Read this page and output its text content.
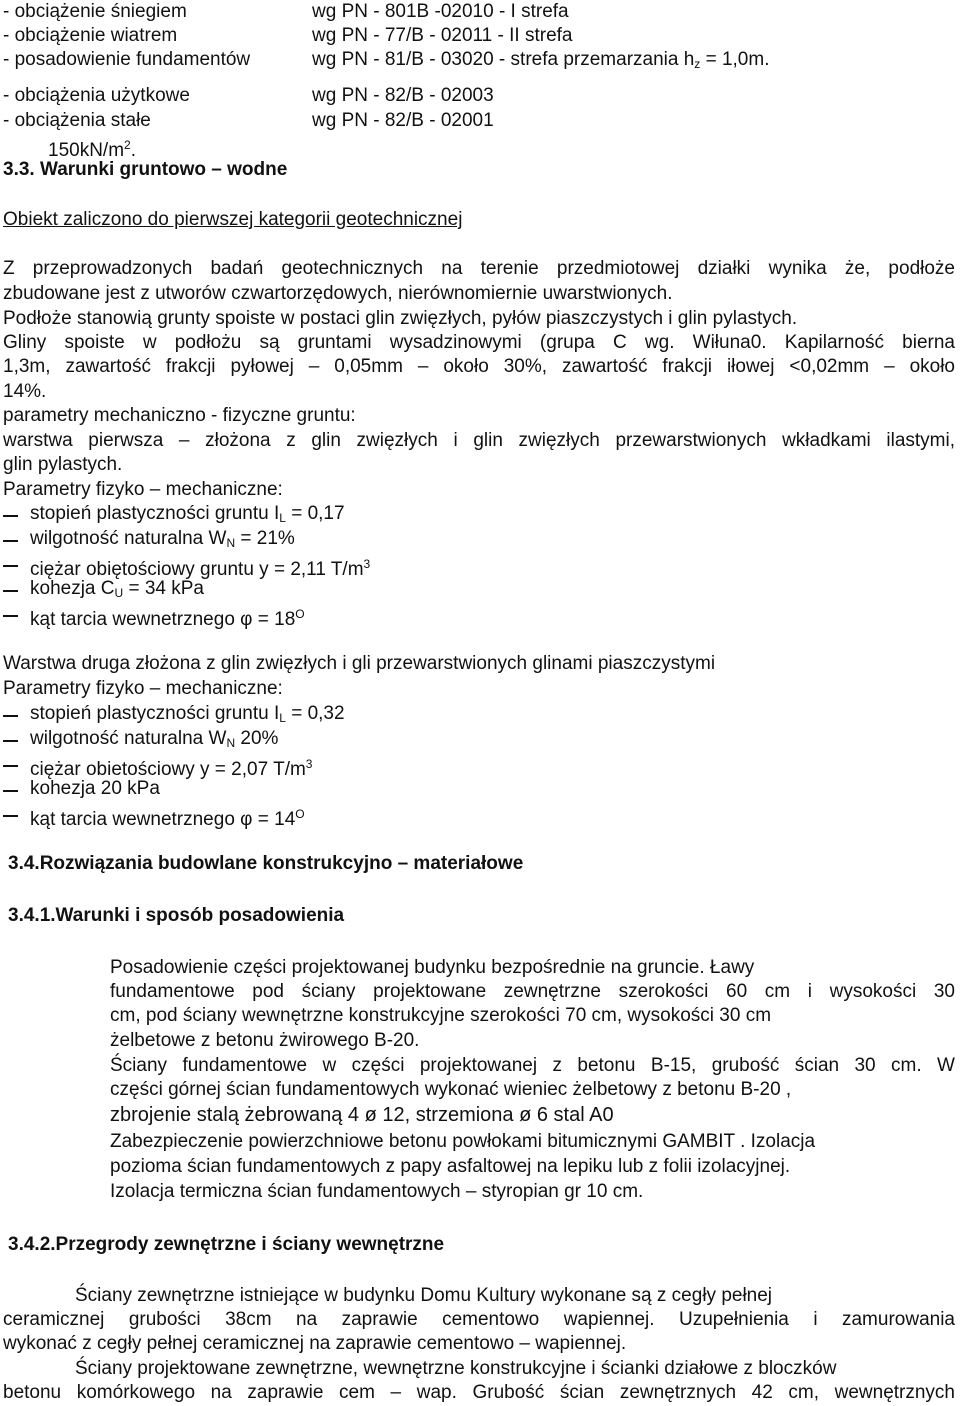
- obciążenie śniegiem	wg PN - 801B -02010 - I strefa
- obciążenie wiatrem	wg PN - 77/B - 02011 - II strefa
- posadowienie fundamentów	wg PN - 81/B - 03020 - strefa przemarzania $h_z = 1,0m$.
- obciążenia użytkowe	wg PN - 82/B - 02003
- obciążenia stałe	wg PN - 82/B - 02001
$150kN/m^2$.
3.3. Warunki gruntowo – wodne
Obiekt zaliczono do pierwszej kategorii geotechnicznej
Z przeprowadzonych badań geotechnicznych na terenie przedmiotowej działki wynika że, podłoże
zbudowane jest z utworów czwartorzędowych, nierównomiernie uwarstwionych.
Podłoże stanowią grunty spoiste w postaci glin zwięzłych, pyłów piaszczystych i glin pylastych.
Gliny spoiste w podłożu są gruntami wysadzinowymi (grupa C wg. Wiłuna0. Kapilarność bierna
1,3m, zawartość frakcji pyłowej – 0,05mm – około 30%, zawartość frakcji iłowej <0,02mm – około
14%.
parametry mechaniczno - fizyczne gruntu:
warstwa pierwsza – złożona z glin zwięzłych i glin zwięzłych przewarstwionych wkładkami ilastymi,
glin pylastych.
Parametry fizyko – mechaniczne:
stopień plastyczności gruntu $I_L = 0,17$
wilgotność naturalna $W_N = 21\%$
ciężar obiętościowy gruntu y = 2,11 $T/m^3$
kohezja $C_U = 34$ kPa
kąt tarcia wewnetrznego $\varphi = 18^O$
Warstwa druga złożona z glin zwięzłych i gli przewarstwionych glinami piaszczystymi
Parametry fizyko – mechaniczne:
stopień plastyczności gruntu $I_L = 0,32$
wilgotność naturalna $W_N$ 20%
ciężar obietościowy y = 2,07 $T/m^3$
kohezja 20 kPa
kąt tarcia wewnetrznego $\varphi = 14^O$
3.4.Rozwiązania budowlane konstrukcyjno – materiałowe
3.4.1.Warunki i sposób posadowienia
Posadowienie części projektowanej budynku bezpośrednie na gruncie. Ławy
fundamentowe pod ściany projektowane zewnętrzne szerokości 60 cm i wysokości 30
cm, pod ściany wewnętrzne konstrukcyjne szerokości 70 cm, wysokości 30 cm
żelbetowe z betonu żwirowego B-20.
Ściany fundamentowe w części projektowanej z betonu B-15, grubość ścian 30 cm. W
części górnej ścian fundamentowych wykonać wieniec żelbetowy z betonu B-20 ,
zbrojenie stalą żebrowaną 4 ø 12, strzemiona ø 6 stal A0
Zabezpieczenie powierzchniowe betonu powłokami bitumicznymi GAMBIT . Izolacja
pozioma ścian fundamentowych z papy asfaltowej na lepiku lub z folii izolacyjnej.
Izolacja termiczna ścian fundamentowych – styropian gr 10 cm.
3.4.2.Przegrody zewnętrzne i ściany wewnętrzne
Ściany zewnętrzne istniejące w budynku Domu Kultury wykonane są z cegły pełnej
ceramicznej grubości 38cm na zaprawie cementowo wapiennej. Uzupełnienia i zamurowania
wykonać z cegły pełnej ceramicznej na zaprawie cementowo – wapiennej.
Ściany projektowane zewnętrzne, wewnętrzne konstrukcyjne i ścianki działowe z bloczków
betonu komórkowego na zaprawie cem – wap. Grubość ścian zewnętrznych 42 cm, wewnętrznych
